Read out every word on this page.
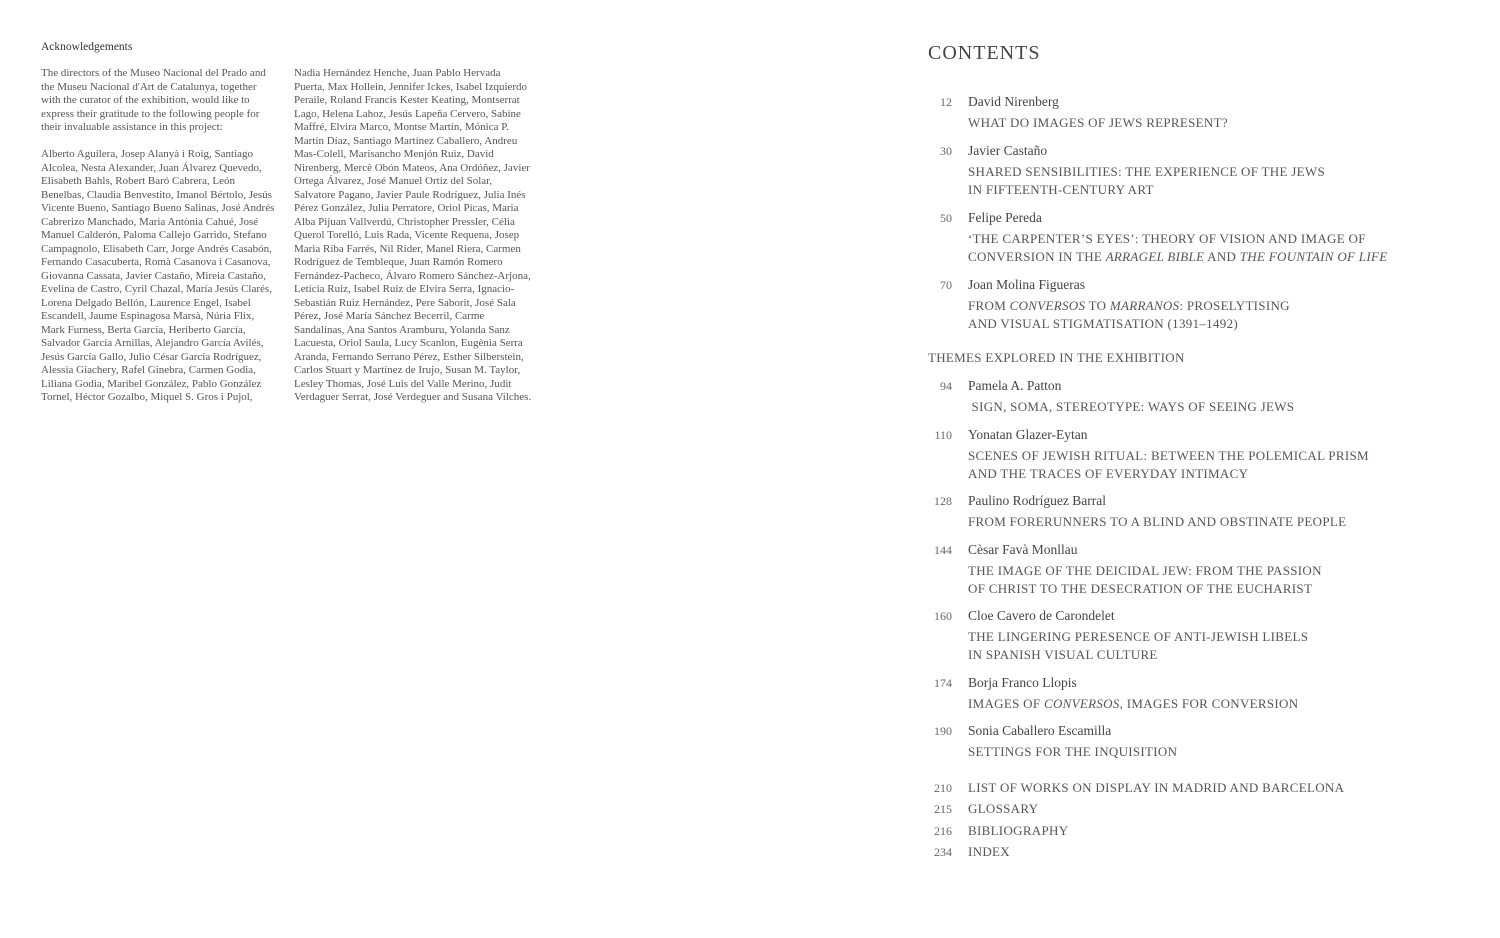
Acknowledgements

The directors of the Museo Nacional del Prado and the Museu Nacional d'Art de Catalunya, together with the curator of the exhibition, would like to express their gratitude to the following people for their invaluable assistance in this project:

Alberto Aguilera, Josep Alanyà i Roig, Santiago Alcolea, Nesta Alexander, Juan Álvarez Quevedo, Elisabeth Bahls, Robert Baró Cabrera, León Benelbas, Claudia Benvestito, Imanol Bértolo, Jesús Vicente Bueno, Santiago Bueno Salinas, José Andrés Cabrerizo Manchado, Maria Antònia Cahué, José Manuel Calderón, Paloma Callejo Garrido, Stefano Campagnolo, Elisabeth Carr, Jorge Andrés Casabón, Fernando Casacuberta, Romà Casanova i Casanova, Giovanna Cassata, Javier Castaño, Mireia Castaño, Evelina de Castro, Cyril Chazal, María Jesús Clarés, Lorena Delgado Bellón, Laurence Engel, Isabel Escandell, Jaume Espinagosa Marsà, Núria Flix, Mark Furness, Berta García, Heriberto García, Salvador García Arnillas, Alejandro García Avilés, Jesús García Gallo, Julio César García Rodríguez, Alessia Giachery, Rafel Ginebra, Carmen Godia, Liliana Godia, Maribel González, Pablo González Tornel, Héctor Gozalbo, Miquel S. Gros i Pujol,

Nadia Hernández Henche, Juan Pablo Hervada Puerta, Max Hollein, Jennifer Ickes, Isabel Izquierdo Peraile, Roland Francis Kester Keating, Montserrat Lago, Helena Lahoz, Jesús Lapeña Cervero, Sabine Maffré, Elvira Marco, Montse Martín, Mónica P. Martín Díaz, Santiago Martínez Caballero, Andreu Mas-Colell, Marisancho Menjón Ruiz, David Nirenberg, Mercè Obón Mateos, Ana Ordóñez, Javier Ortega Álvarez, José Manuel Ortiz del Solar, Salvatore Pagano, Javier Paule Rodríguez, Julia Inés Pérez González, Julia Perratore, Oriol Picas, Maria Alba Pijuan Vallverdú, Christopher Pressler, Célia Querol Torelló, Luis Rada, Vicente Requena, Josep Maria Riba Farrés, Nil Rider, Manel Riera, Carmen Rodríguez de Tembleque, Juan Ramón Romero Fernández-Pacheco, Álvaro Romero Sánchez-Arjona, Leticia Ruiz, Isabel Ruiz de Elvira Serra, Ignacio-Sebastián Ruiz Hernández, Pere Saborit, José Sala Pérez, José María Sánchez Becerril, Carme Sandalinas, Ana Santos Aramburu, Yolanda Sanz Lacuesta, Oriol Saula, Lucy Scanlon, Eugènia Serra Aranda, Fernando Serrano Pérez, Esther Silberstein, Carlos Stuart y Martínez de Irujo, Susan M. Taylor, Lesley Thomas, José Luis del Valle Merino, Judit Verdaguer Serrat, José Verdeguer and Susana Vilches.

CONTENTS
12 David Nirenberg
WHAT DO IMAGES OF JEWS REPRESENT?
30 Javier Castaño
SHARED SENSIBILITIES: THE EXPERIENCE OF THE JEWS
IN FIFTEENTH-CENTURY ART
50 Felipe Pereda
‘THE CARPENTER’S EYES’: THEORY OF VISION AND IMAGE OF
CONVERSION IN THE ARRAGEL BIBLE AND THE FOUNTAIN OF LIFE
70 Joan Molina Figueras
FROM CONVERSOS TO MARRANOS: PROSELYTISING
AND VISUAL STIGMATISATION (1391–1492)
THEMES EXPLORED IN THE EXHIBITION
94 Pamela A. Patton
SIGN, SOMA, STEREOTYPE: WAYS OF SEEING JEWS
110 Yonatan Glazer-Eytan
SCENES OF JEWISH RITUAL: BETWEEN THE POLEMICAL PRISM
AND THE TRACES OF EVERYDAY INTIMACY
128 Paulino Rodríguez Barral
FROM FORERUNNERS TO A BLIND AND OBSTINATE PEOPLE
144 Cèsar Favà Monllau
THE IMAGE OF THE DEICIDAL JEW: FROM THE PASSION
OF CHRIST TO THE DESECRATION OF THE EUCHARIST
160 Cloe Cavero de Carondelet
THE LINGERING PERESENCE OF ANTI-JEWISH LIBELS
IN SPANISH VISUAL CULTURE
174 Borja Franco Llopis
IMAGES OF CONVERSOS, IMAGES FOR CONVERSION
190 Sonia Caballero Escamilla
SETTINGS FOR THE INQUISITION
210 LIST OF WORKS ON DISPLAY IN MADRID AND BARCELONA
215 GLOSSARY
216 BIBLIOGRAPHY
234 INDEX
